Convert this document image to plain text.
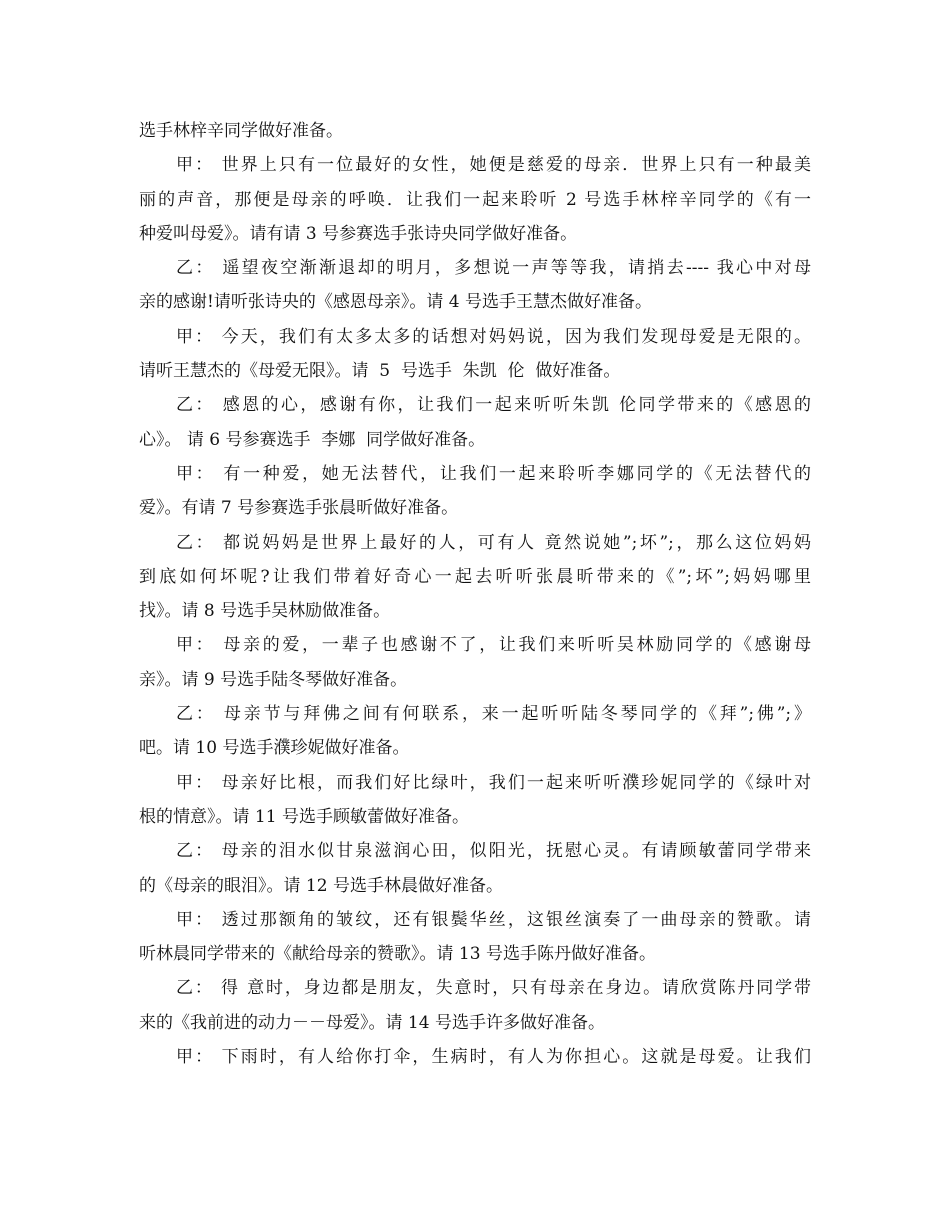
选手林梓辛同学做好准备。
甲： 世界上只有一位最好的女性，她便是慈爱的母亲．世界上只有一种最美
丽的声音，那便是母亲的呼唤．让我们一起来聆听 2 号选手林梓辛同学的《有一
种爱叫母爱》。请有请 3 号参赛选手张诗央同学做好准备。
乙： 遥望夜空渐渐退却的明月，多想说一声等等我，请捎去---- 我心中对母
亲的感谢!请听张诗央的《感恩母亲》。请 4 号选手王慧杰做好准备。
甲： 今天，我们有太多太多的话想对妈妈说，因为我们发现母爱是无限的。
请听王慧杰的《母爱无限》。请  5  号选手  朱凯  伦  做好准备。
乙： 感恩的心，感谢有你，让我们一起来听听朱凯 伦同学带来的《感恩的
心》。 请 6 号参赛选手  李娜  同学做好准备。
甲： 有一种爱，她无法替代，让我们一起来聆听李娜同学的《无法替代的
爱》。有请 7 号参赛选手张晨昕做好准备。
乙： 都说妈妈是世界上最好的人，可有人 竟然说她”;坏”;，那么这位妈妈
到底如何坏呢?让我们带着好奇心一起去听听张晨昕带来的《”;坏”;妈妈哪里
找》。请 8 号选手吴林励做准备。
甲： 母亲的爱，一辈子也感谢不了，让我们来听听吴林励同学的《感谢母
亲》。请 9 号选手陆冬琴做好准备。
乙： 母亲节与拜佛之间有何联系，来一起听听陆冬琴同学的《拜”;佛”;》
吧。请 10 号选手濮珍妮做好准备。
甲： 母亲好比根，而我们好比绿叶，我们一起来听听濮珍妮同学的《绿叶对
根的情意》。请 11 号选手顾敏蕾做好准备。
乙： 母亲的泪水似甘泉滋润心田，似阳光，抚慰心灵。有请顾敏蕾同学带来
的《母亲的眼泪》。请 12 号选手林晨做好准备。
甲： 透过那额角的皱纹，还有银鬓华丝，这银丝演奏了一曲母亲的赞歌。请
听林晨同学带来的《献给母亲的赞歌》。请 13 号选手陈丹做好准备。
乙： 得 意时，身边都是朋友，失意时，只有母亲在身边。请欣赏陈丹同学带
来的《我前进的动力－－母爱》。请 14 号选手许多做好准备。
甲： 下雨时，有人给你打伞，生病时，有人为你担心。这就是母爱。让我们
